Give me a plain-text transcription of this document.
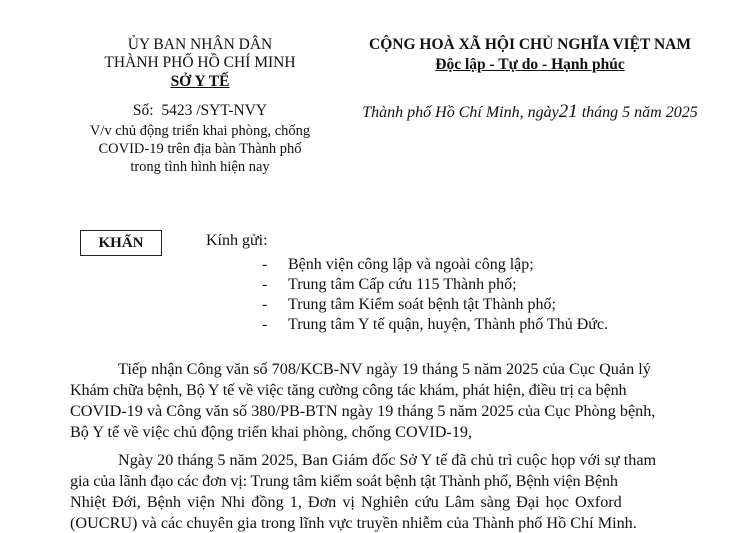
ỦY BAN NHÂN DÂN
THÀNH PHỐ HỒ CHÍ MINH
SỞ Y TẾ
Số: 5423 /SYT-NVY
V/v chủ động triển khai phòng, chống
COVID-19 trên địa bàn Thành phố
trong tình hình hiện nay
CỘNG HOÀ XÃ HỘI CHỦ NGHĨA VIỆT NAM
Độc lập - Tự do - Hạnh phúc
Thành phố Hồ Chí Minh, ngày21 tháng 5 năm 2025
KHẨN	Kính gửi:
- Bệnh viện công lập và ngoài công lập;
- Trung tâm Cấp cứu 115 Thành phố;
- Trung tâm Kiểm soát bệnh tật Thành phố;
- Trung tâm Y tế quận, huyện, Thành phố Thủ Đức.
Tiếp nhận Công văn số 708/KCB-NV ngày 19 tháng 5 năm 2025 của Cục Quản lý
Khám chữa bệnh, Bộ Y tế về việc tăng cường công tác khám, phát hiện, điều trị ca bệnh
COVID-19 và Công văn số 380/PB-BTN ngày 19 tháng 5 năm 2025 của Cục Phòng bệnh,
Bộ Y tế về việc chủ động triển khai phòng, chống COVID-19,
Ngày 20 tháng 5 năm 2025, Ban Giám đốc Sở Y tế đã chủ trì cuộc họp với sự tham
gia của lãnh đạo các đơn vị: Trung tâm kiểm soát bệnh tật Thành phố, Bệnh viện Bệnh
Nhiệt Đới, Bệnh viện Nhi đồng 1, Đơn vị Nghiên cứu Lâm sàng Đại học Oxford
(OUCRU) và các chuyên gia trong lĩnh vực truyền nhiễm của Thành phố Hồ Chí Minh.
